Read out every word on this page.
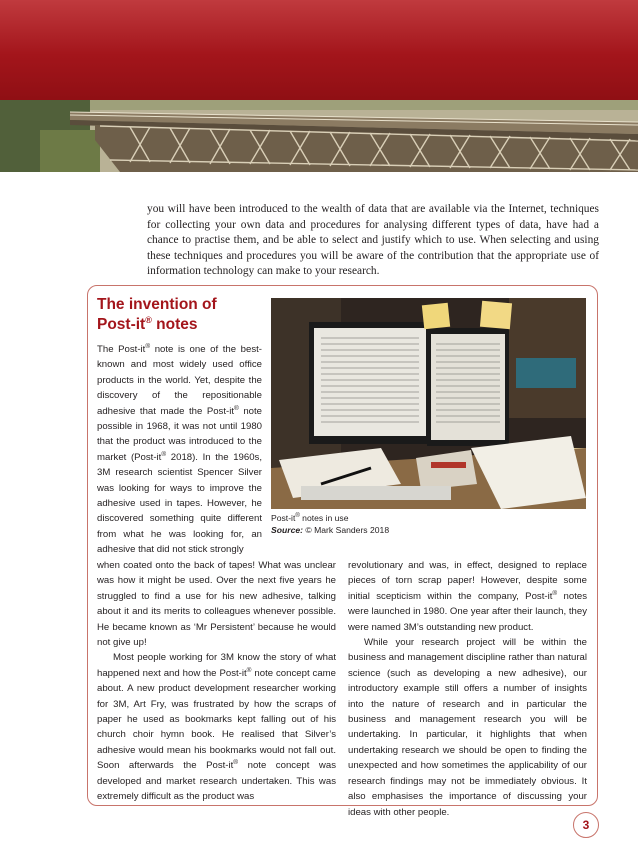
you will have been introduced to the wealth of data that are available via the Internet, techniques for collecting your own data and procedures for analysing different types of data, have had a chance to practise them, and be able to select and justify which to use. When selecting and using these techniques and procedures you will be aware of the contribution that the appropriate use of information technology can make to your research.

The invention of
Post-it® notes
Post-it® notes in use
Source: © Mark Sanders 2018

The Post-it® note is one of the best-known and most widely used office products in the world. Yet, despite the discovery of the repositionable adhesive that made the Post-it® note possible in 1968, it was not until 1980 that the product was introduced to the market (Post-it® 2018). In the 1960s, 3M research scientist Spencer Silver was looking for ways to improve the adhesive used in tapes. However, he discovered something quite different from what he was looking for, an adhesive that did not stick strongly

when coated onto the back of tapes! What was unclear was how it might be used. Over the next five years he struggled to find a use for his new adhesive, talking about it and its merits to colleagues whenever possible. He became known as ‘Mr Persistent’ because he would not give up!

Most people working for 3M know the story of what happened next and how the Post-it® note concept came about. A new product development researcher working for 3M, Art Fry, was frustrated by how the scraps of paper he used as bookmarks kept falling out of his church choir hymn book. He realised that Silver’s adhesive would mean his bookmarks would not fall out. Soon afterwards the Post-it® note concept was developed and market research undertaken. This was extremely difficult as the product was

revolutionary and was, in effect, designed to replace pieces of torn scrap paper! However, despite some initial scepticism within the company, Post-it® notes were launched in 1980. One year after their launch, they were named 3M’s outstanding new product.

While your research project will be within the business and management discipline rather than natural science (such as developing a new adhesive), our introductory example still offers a number of insights into the nature of research and in particular the business and management research you will be undertaking. In particular, it highlights that when undertaking research we should be open to finding the unexpected and how sometimes the applicability of our research findings may not be immediately obvious. It also emphasises the importance of discussing your ideas with other people.

3
